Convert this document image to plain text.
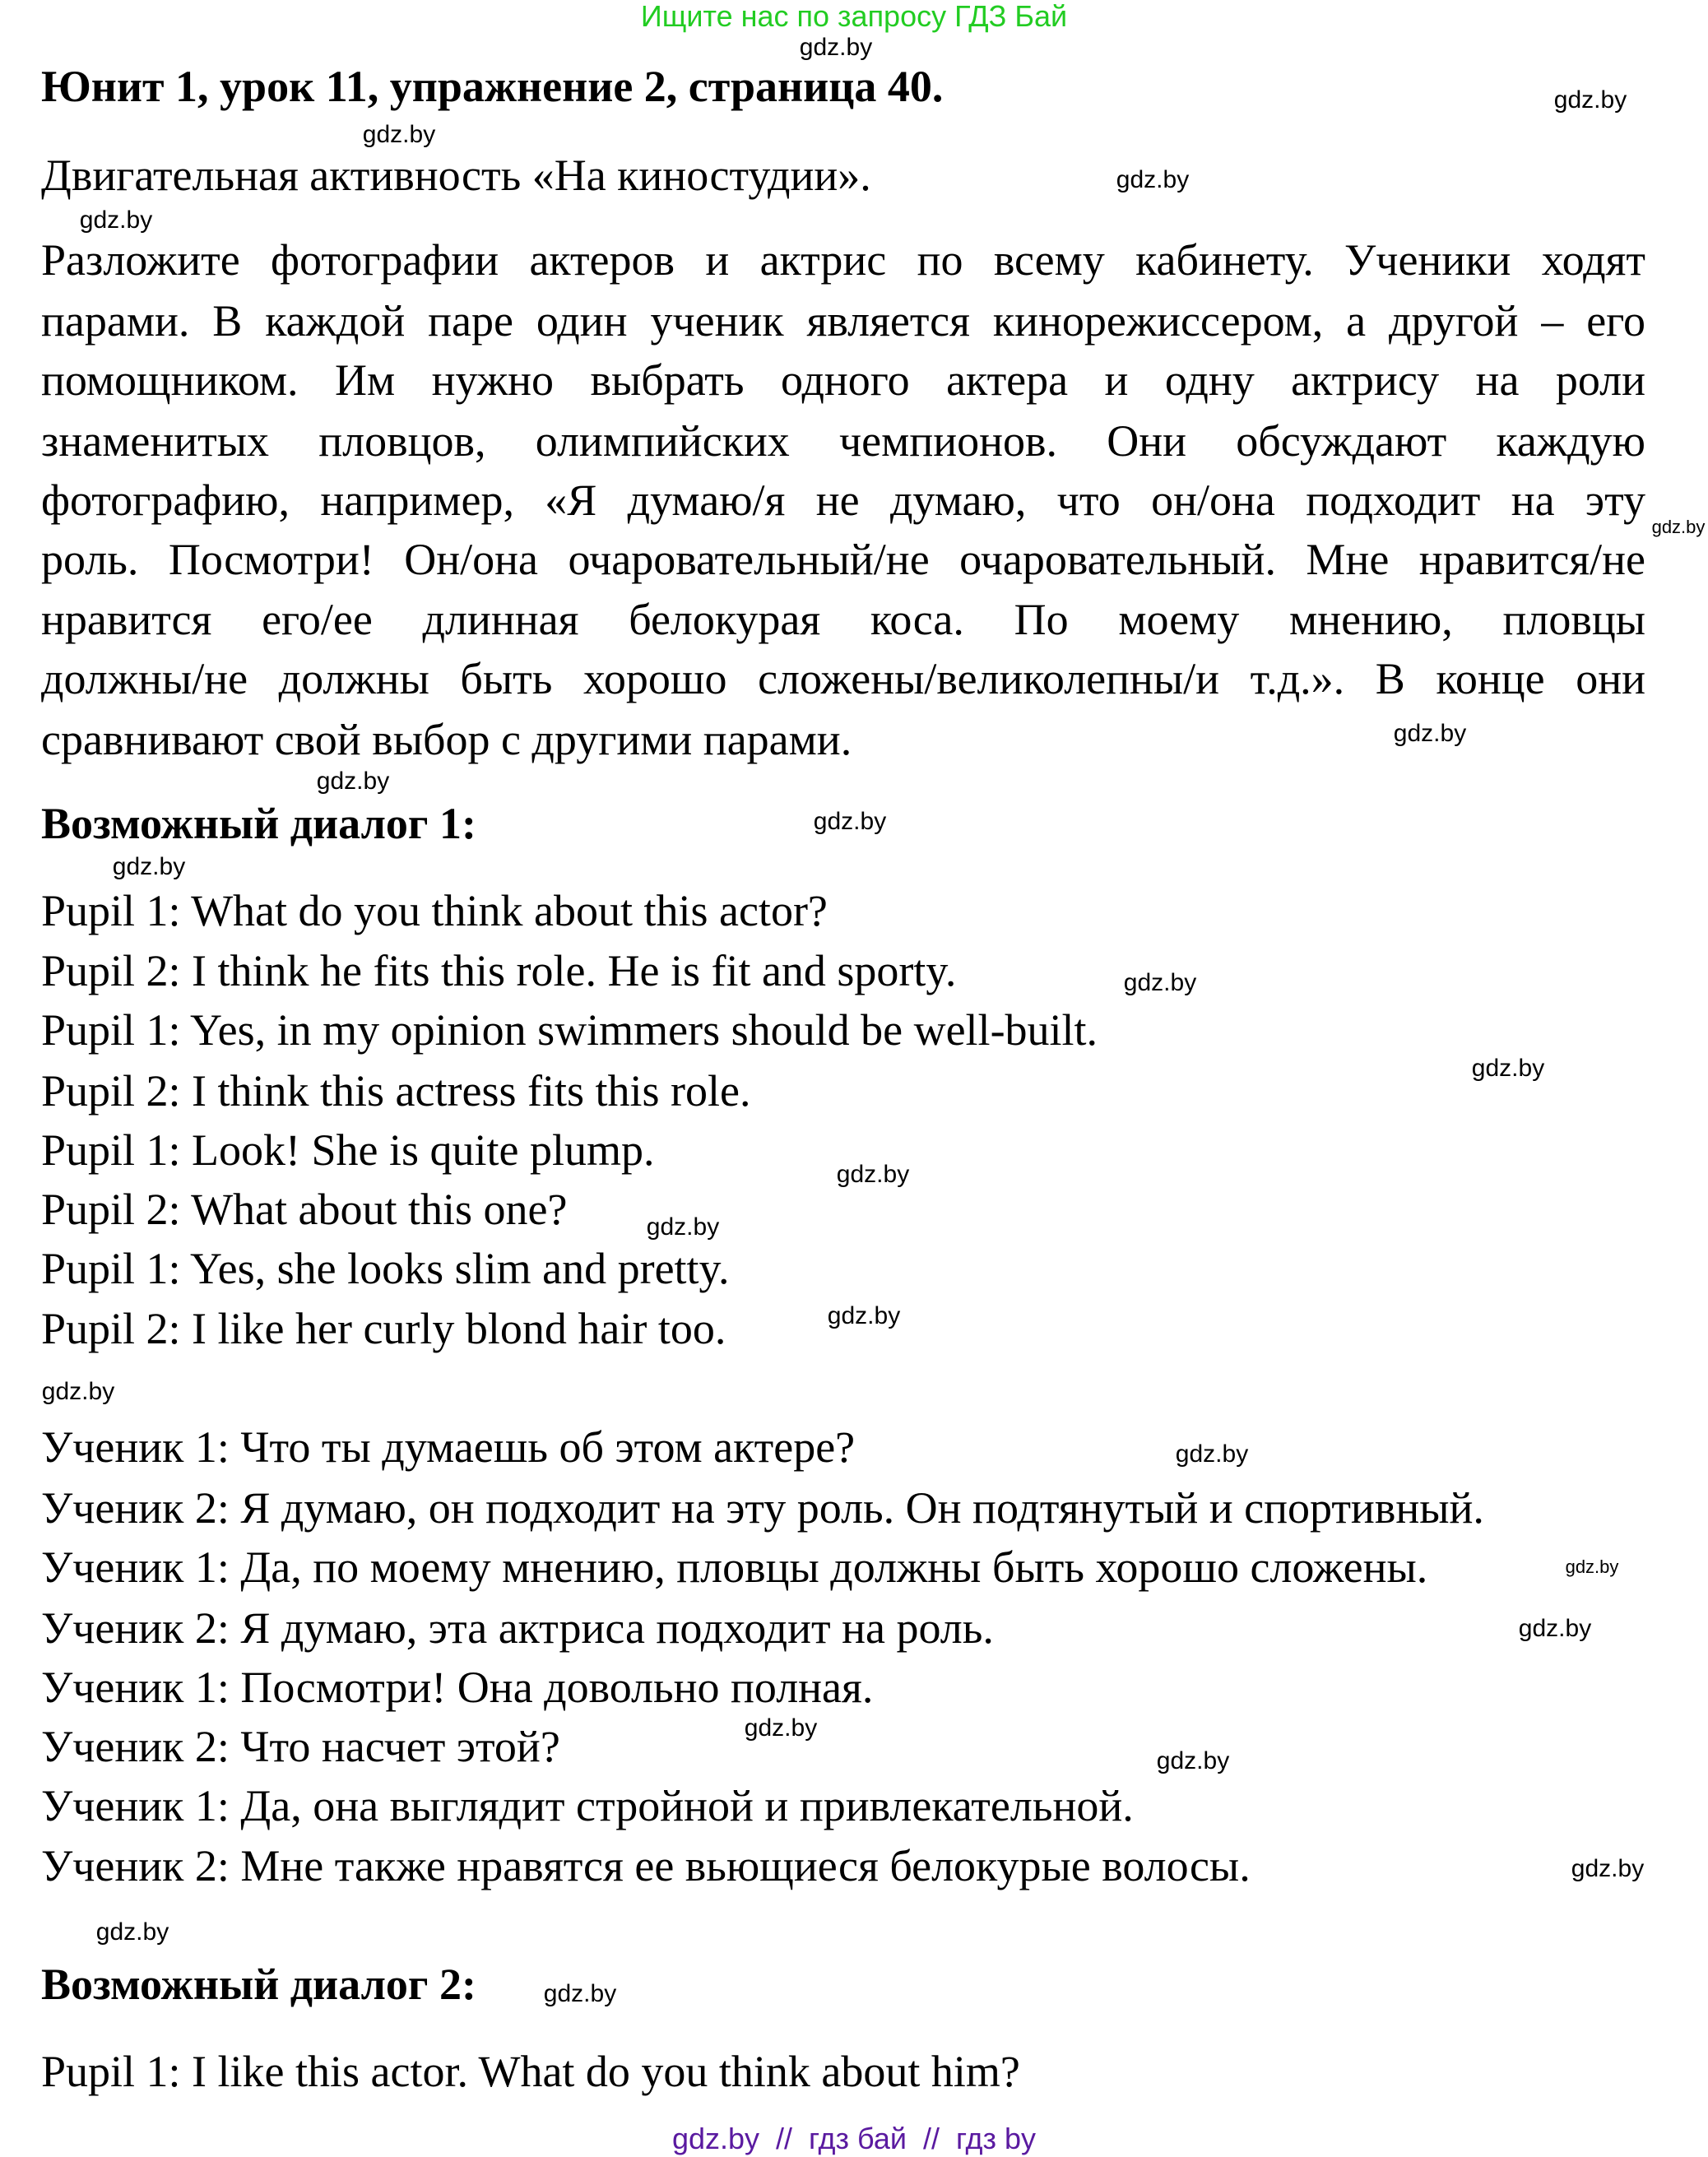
Ищите нас по запросу ГДЗ Бай
Юнит 1, урок 11, упражнение 2, страница 40.
Двигательная активность «На киностудии».
Разложите фотографии актеров и актрис по всему кабинету. Ученики ходят
парами. В каждой паре один ученик является кинорежиссером, а другой – его
помощником. Им нужно выбрать одного актера и одну актрису на роли
знаменитых пловцов, олимпийских чемпионов. Они обсуждают каждую
фотографию, например, «Я думаю/я не думаю, что он/она подходит на эту
роль. Посмотри! Он/она очаровательный/не очаровательный. Мне нравится/не
нравится его/ее длинная белокурая коса. По моему мнению, пловцы
должны/не должны быть хорошо сложены/великолепны/и т.д.». В конце они
сравнивают свой выбор с другими парами.
Возможный диалог 1:
Pupil 1: What do you think about this actor?
Pupil 2: I think he fits this role. He is fit and sporty.
Pupil 1: Yes, in my opinion swimmers should be well-built.
Pupil 2: I think this actress fits this role.
Pupil 1: Look! She is quite plump.
Pupil 2: What about this one?
Pupil 1: Yes, she looks slim and pretty.
Pupil 2: I like her curly blond hair too.
Ученик 1: Что ты думаешь об этом актере?
Ученик 2: Я думаю, он подходит на эту роль. Он подтянутый и спортивный.
Ученик 1: Да, по моему мнению, пловцы должны быть хорошо сложены.
Ученик 2: Я думаю, эта актриса подходит на роль.
Ученик 1: Посмотри! Она довольно полная.
Ученик 2: Что насчет этой?
Ученик 1: Да, она выглядит стройной и привлекательной.
Ученик 2: Мне также нравятся ее вьющиеся белокурые волосы.
Возможный диалог 2:
Pupil 1: I like this actor. What do you think about him?
gdz.by
gdz.by
gdz.by
gdz.by
gdz.by
gdz.by
gdz.by
gdz.by
gdz.by
gdz.by
gdz.by
gdz.by
gdz.by
gdz.by
gdz.by
gdz.by
gdz.by
gdz.by
gdz.by
gdz.by
gdz.by
gdz.by
gdz.by
gdz.by
gdz.by  //  гдз бай  //  гдз by
